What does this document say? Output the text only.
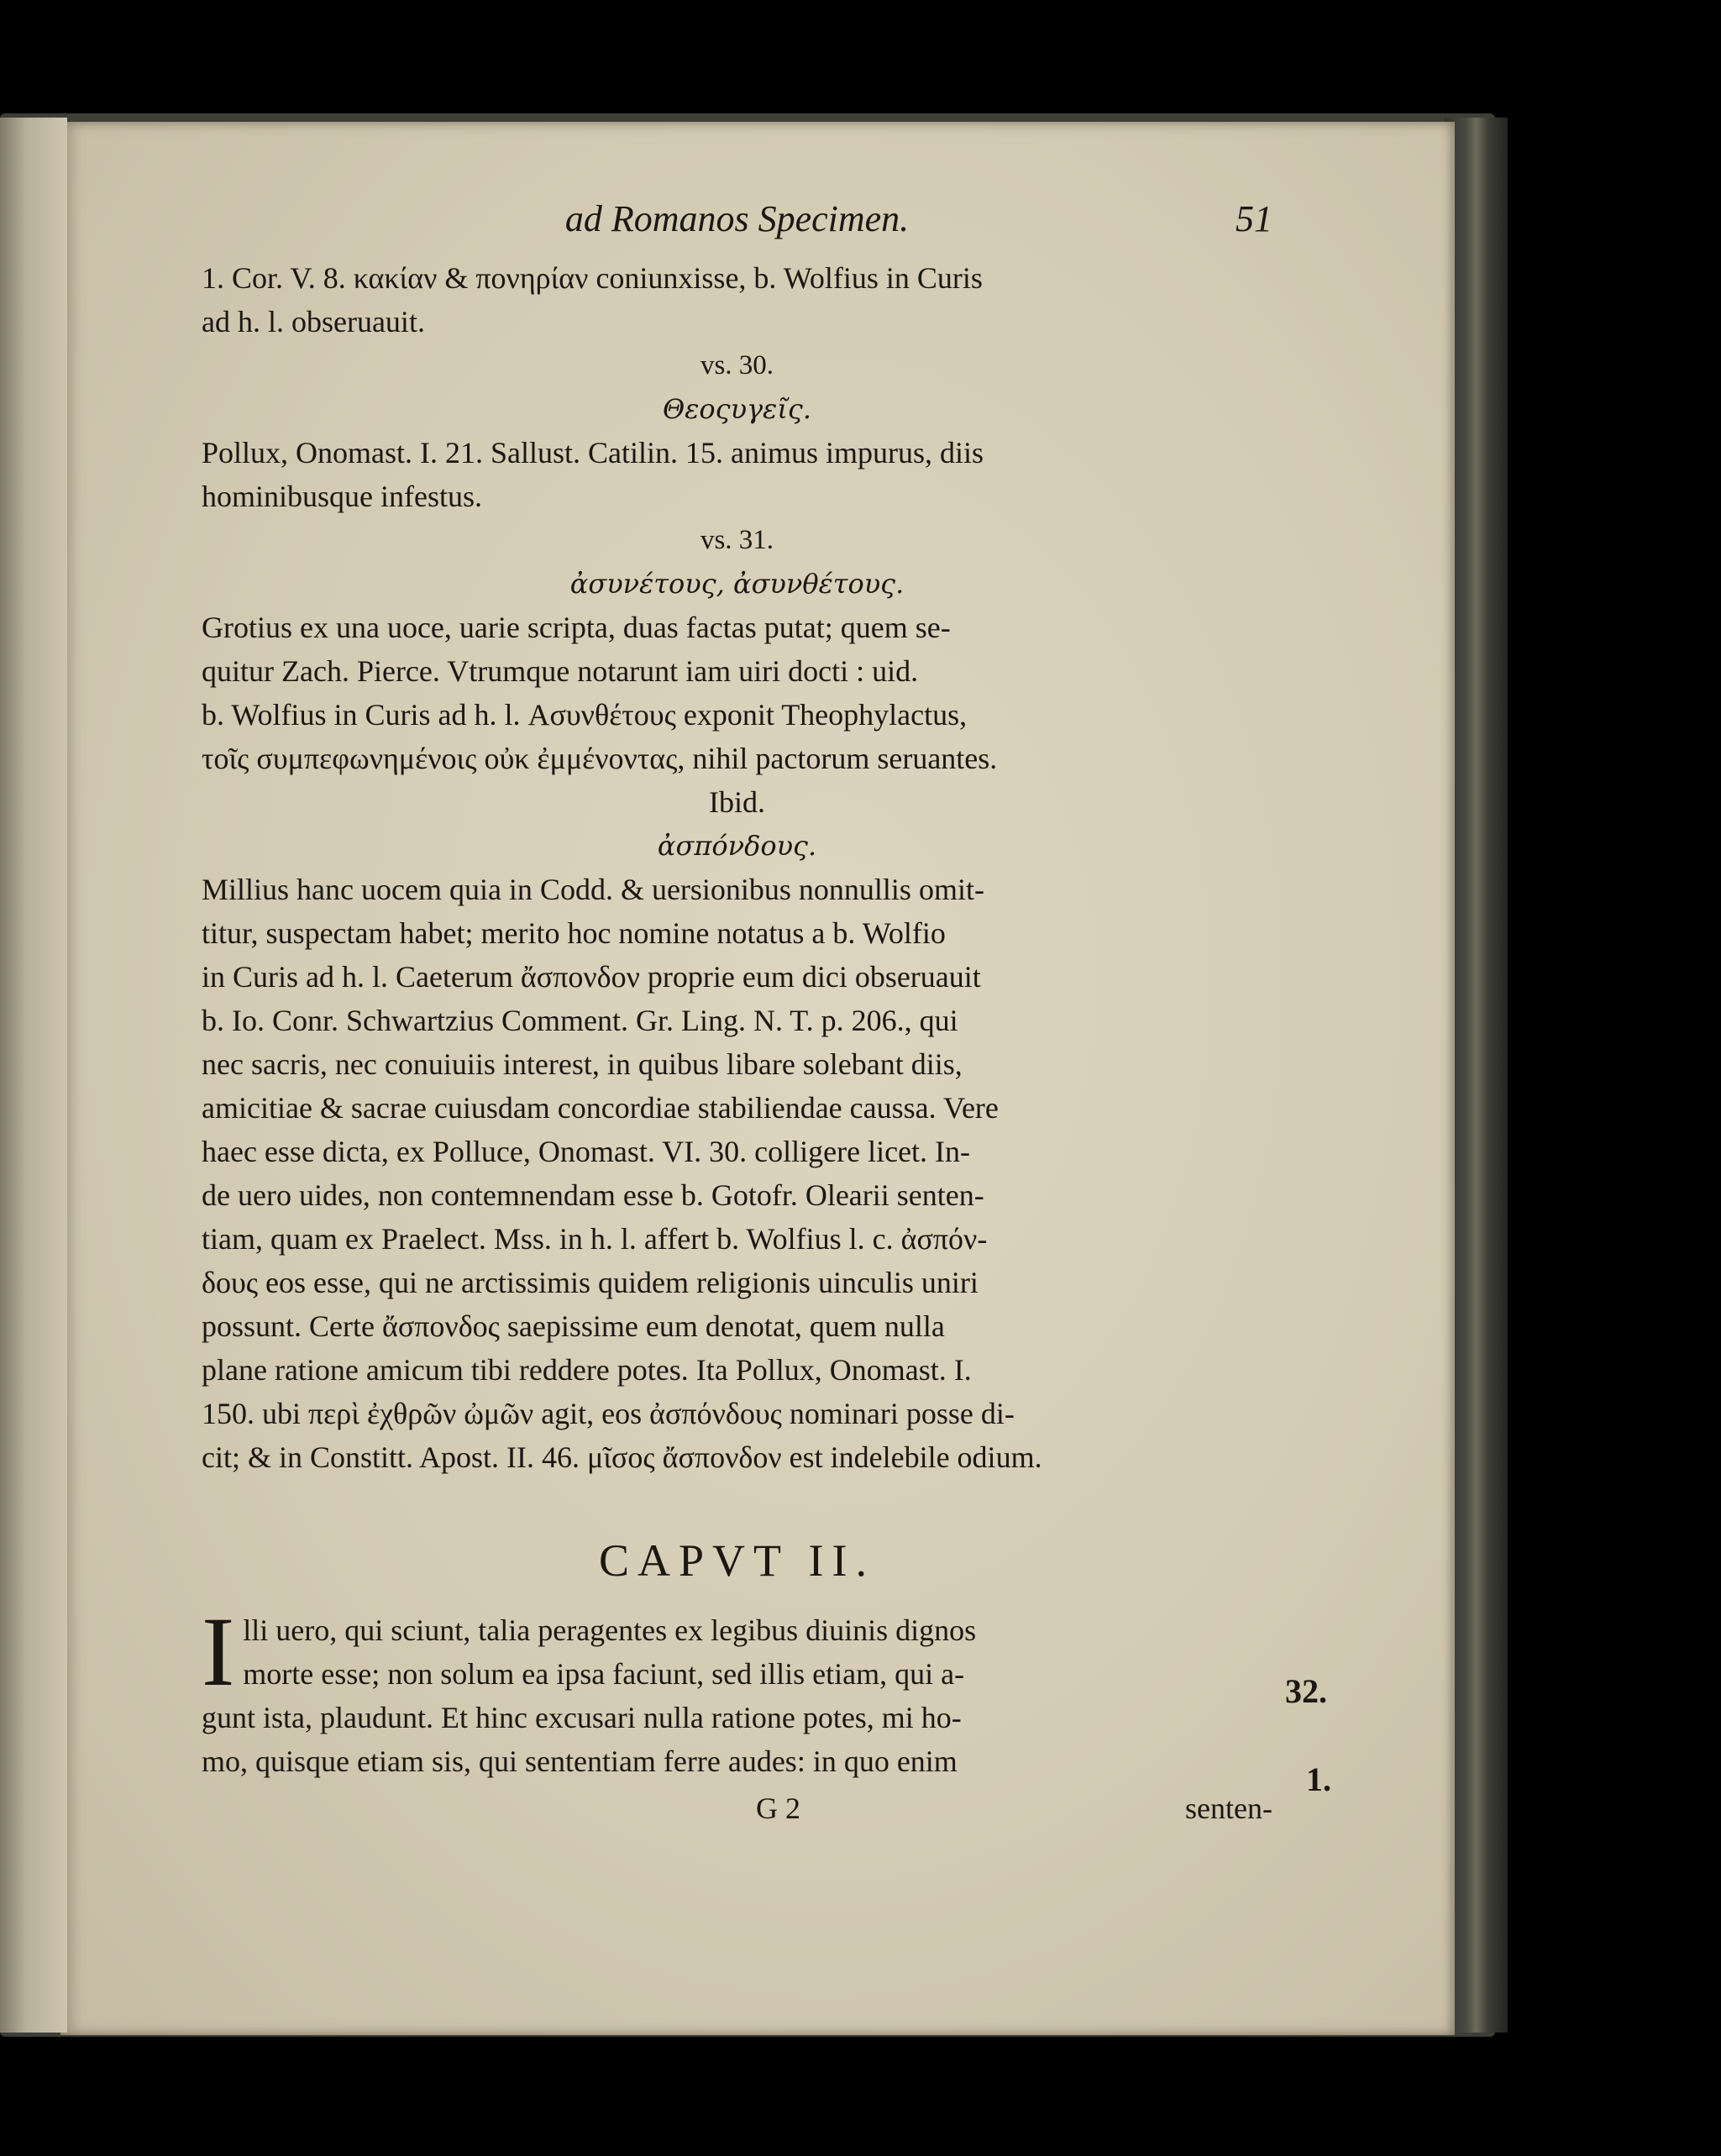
ad Romanos Specimen.	51
1. Cor. V. 8. κακίαν & πονηρίαν coniunxisse, b. Wolfius in Curis
ad h. l. obseruauit.
vs. 30.
Θεοςυγεῖς.
Pollux, Onomast. I. 21. Sallust. Catilin. 15. animus impurus, diis
hominibusque infestus.
vs. 31.
ἀσυνέτους, ἀσυνθέτους.
Grotius ex una uoce, uarie scripta, duas factas putat; quem se-
quitur Zach. Pierce. Vtrumque notarunt iam uiri docti : uid.
b. Wolfius in Curis ad h. l. Ασυνθέτους exponit Theophylactus,
τοῖς συμπεφωνημένοις οὐκ ἐμμένοντας, nihil pactorum seruantes.
Ibid.
ἀσπόνδους.
Millius hanc uocem quia in Codd. & uersionibus nonnullis omit-
titur, suspectam habet; merito hoc nomine notatus a b. Wolfio
in Curis ad h. l. Caeterum ἄσπονδον proprie eum dici obseruauit
b. Io. Conr. Schwartzius Comment. Gr. Ling. N. T. p. 206., qui
nec sacris, nec conuiuiis interest, in quibus libare solebant diis,
amicitiae & sacrae cuiusdam concordiae stabiliendae caussa. Vere
haec esse dicta, ex Polluce, Onomast. VI. 30. colligere licet. In-
de uero uides, non contemnendam esse b. Gotofr. Olearii senten-
tiam, quam ex Praelect. Mss. in h. l. affert b. Wolfius l. c. ἀσπόν-
δους eos esse, qui ne arctissimis quidem religionis uinculis uniri
possunt. Certe ἄσπονδος saepissime eum denotat, quem nulla
plane ratione amicum tibi reddere potes. Ita Pollux, Onomast. I.
150. ubi περὶ ἐχθρῶν ὠμῶν agit, eos ἀσπόνδους nominari posse di-
cit; & in Constitt. Apost. II. 46. μῖσος ἄσπονδον est indelebile odium.
CAPVT II.
I lli uero, qui sciunt, talia peragentes ex legibus diuinis dignos
morte esse; non solum ea ipsa faciunt, sed illis etiam, qui a-
gunt ista, plaudunt. Et hinc excusari nulla ratione potes, mi ho-
mo, quisque etiam sis, qui sententiam ferre audes: in quo enim
G 2	senten-
32.
1.
